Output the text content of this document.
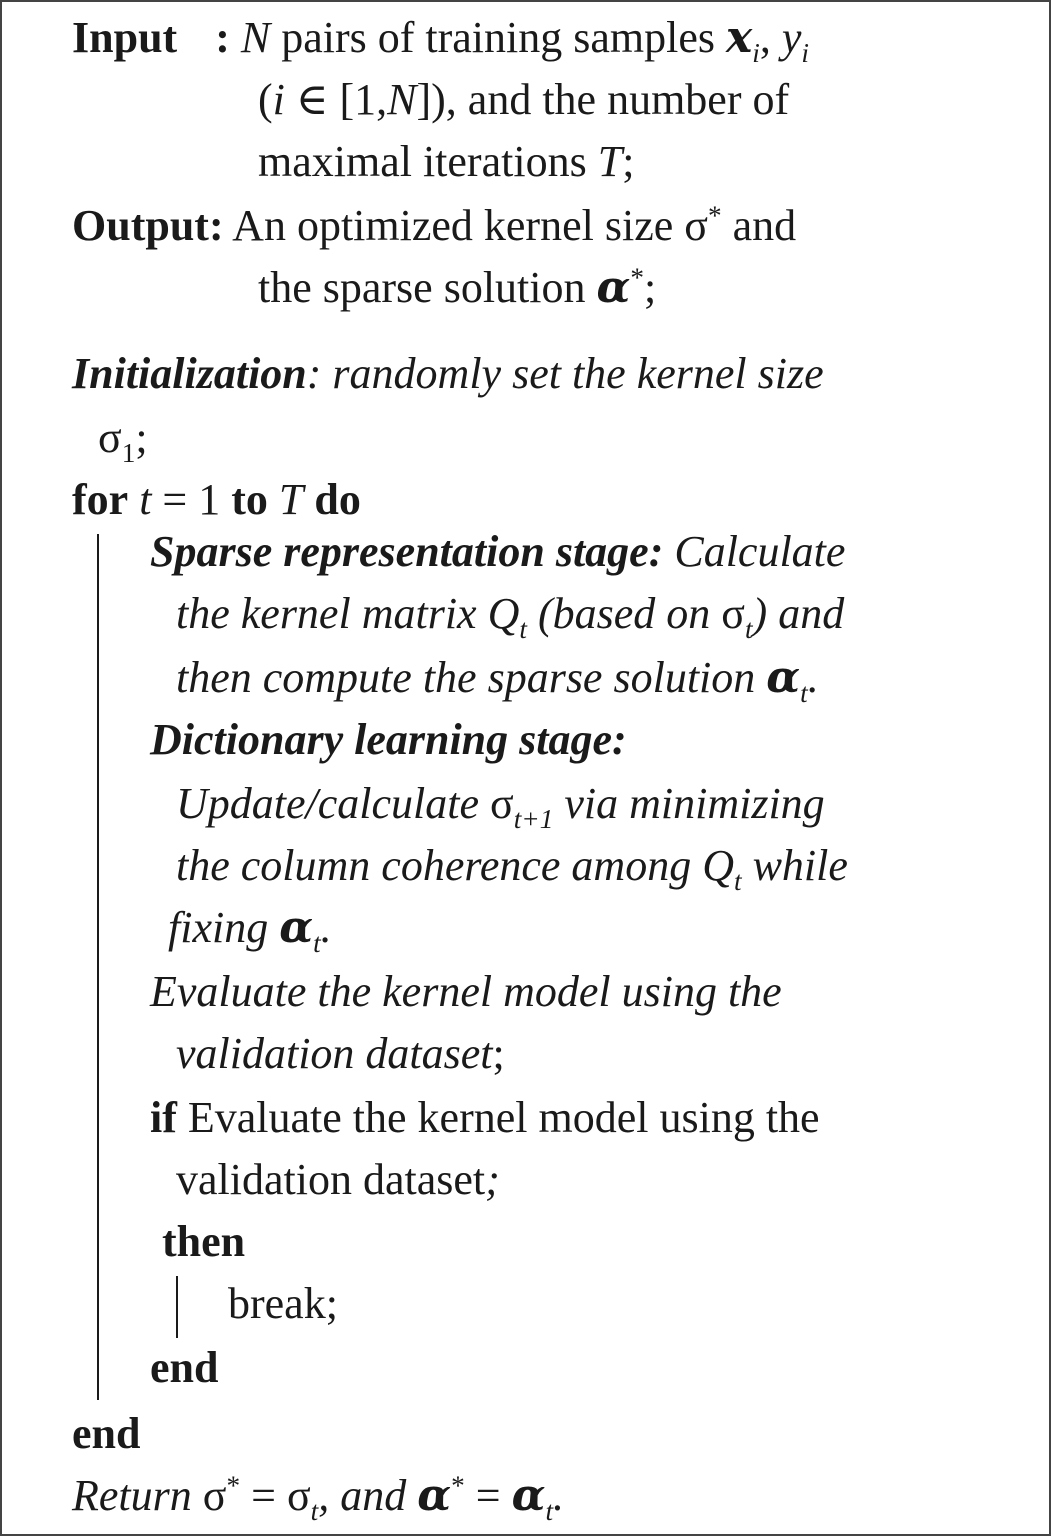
Input : N pairs of training samples $x_i$, $y_i$
(i ∈ [1,N]), and the number of
maximal iterations T;
Output: An optimized kernel size σ* and
the sparse solution α*;
Initialization: randomly set the kernel size
$\sigma_1$;
for t = 1 to T do
Sparse representation stage: Calculate
the kernel matrix $Q_t$ (based on $\sigma_t$) and
then compute the sparse solution $\alpha_t$.
Dictionary learning stage:
Update/calculate $\sigma_{t+1}$ via minimizing
the column coherence among $Q_t$ while
fixing $\alpha_t$.
Evaluate the kernel model using the
validation dataset;
if Evaluate the kernel model using the
validation dataset;
then
break;
end
end
Return $\sigma^* = \sigma_t$, and $\alpha^* = \alpha_t$.
